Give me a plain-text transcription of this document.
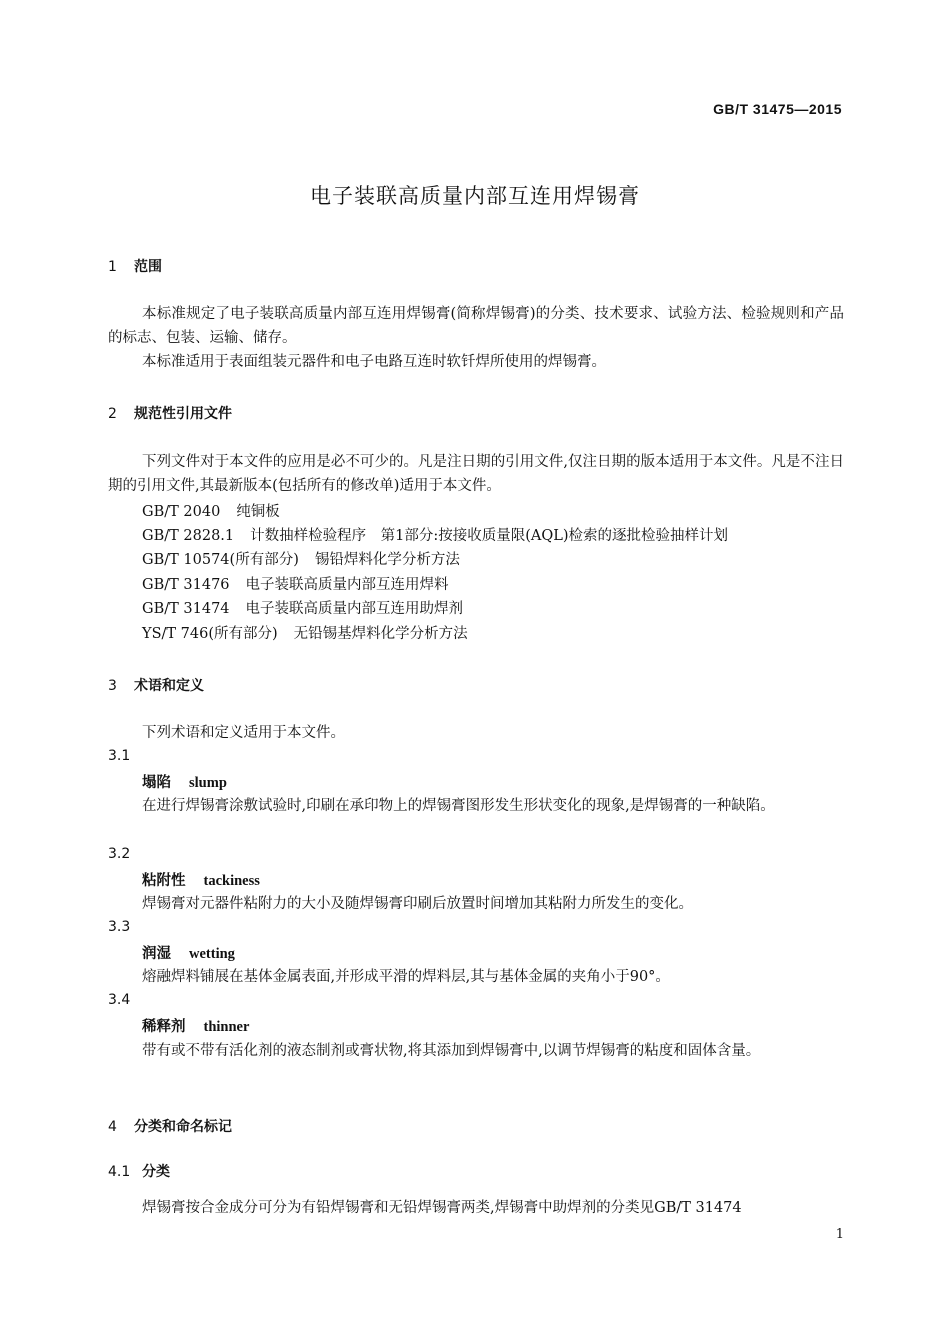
GB/T 31475—2015
电子装联高质量内部互连用焊锡膏
1 范围
本标准规定了电子装联高质量内部互连用焊锡膏(简称焊锡膏)的分类、技术要求、试验方法、检验规则和产品的标志、包装、运输、储存。
本标准适用于表面组装元器件和电子电路互连时软钎焊所使用的焊锡膏。
2 规范性引用文件
下列文件对于本文件的应用是必不可少的。凡是注日期的引用文件,仅注日期的版本适用于本文件。凡是不注日期的引用文件,其最新版本(包括所有的修改单)适用于本文件。
GB/T 2040 纯铜板
GB/T 2828.1 计数抽样检验程序　第1部分:按接收质量限(AQL)检索的逐批检验抽样计划
GB/T 10574(所有部分) 锡铅焊料化学分析方法
GB/T 31476 电子装联高质量内部互连用焊料
GB/T 31474 电子装联高质量内部互连用助焊剂
YS/T 746(所有部分) 无铅锡基焊料化学分析方法
3 术语和定义
下列术语和定义适用于本文件。
3.1
塌陷 slump
在进行焊锡膏涂敷试验时,印刷在承印物上的焊锡膏图形发生形状变化的现象,是焊锡膏的一种缺陷。
3.2
粘附性 tackiness
焊锡膏对元器件粘附力的大小及随焊锡膏印刷后放置时间增加其粘附力所发生的变化。
3.3
润湿 wetting
熔融焊料铺展在基体金属表面,并形成平滑的焊料层,其与基体金属的夹角小于90°。
3.4
稀释剂 thinner
带有或不带有活化剂的液态制剂或膏状物,将其添加到焊锡膏中,以调节焊锡膏的粘度和固体含量。
4 分类和命名标记
4.1 分类
焊锡膏按合金成分可分为有铅焊锡膏和无铅焊锡膏两类,焊锡膏中助焊剂的分类见GB/T 31474
1
